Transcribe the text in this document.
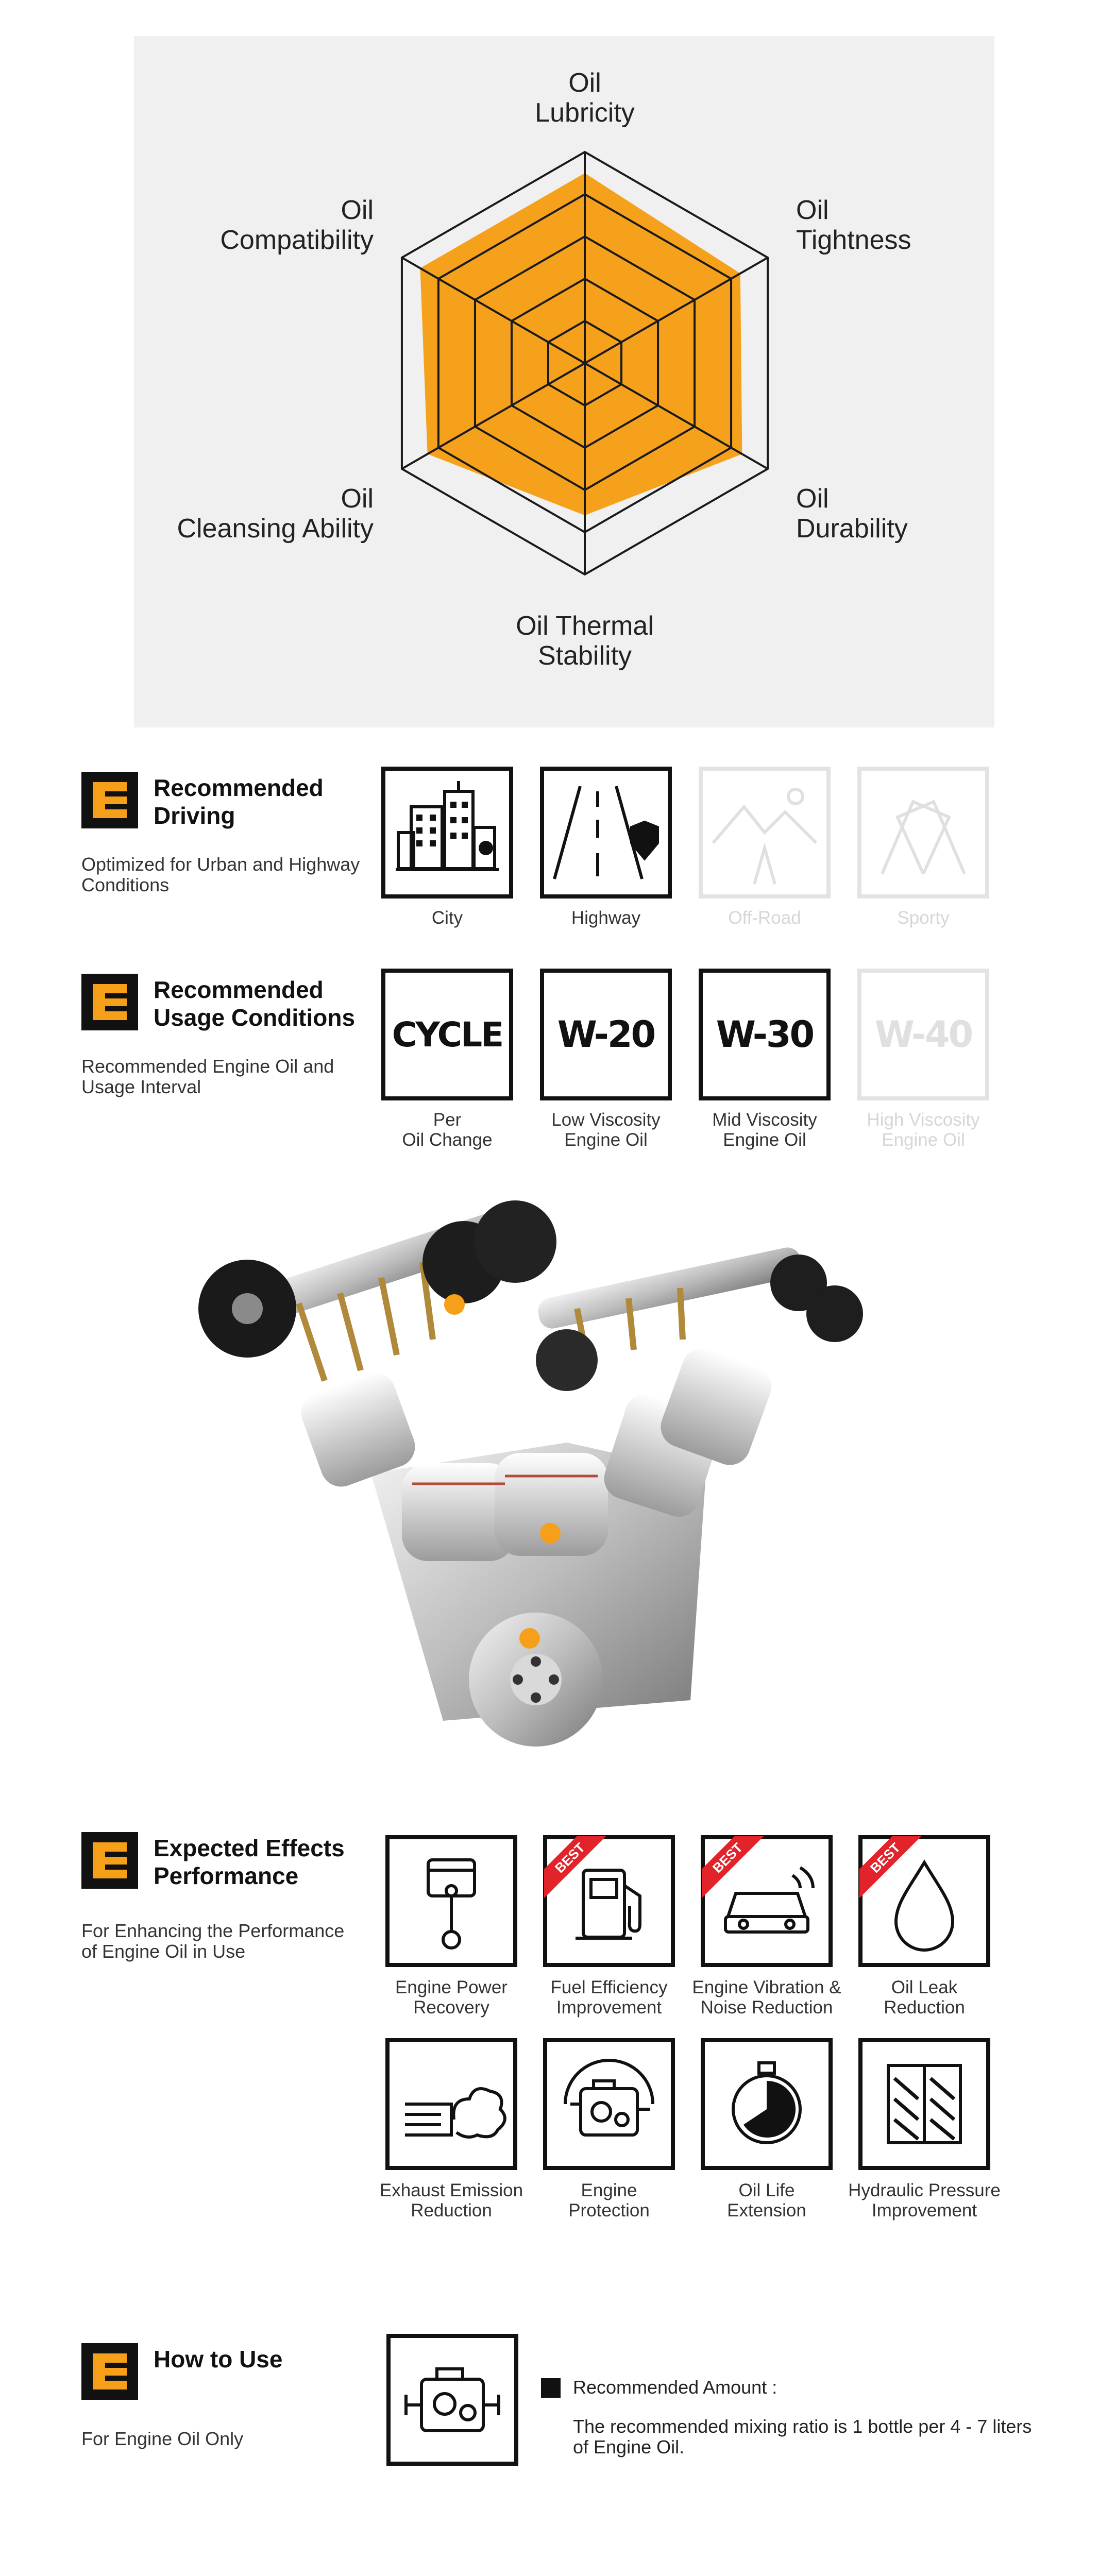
Oil Lubricity
Oil Tightness
Oil Durability
Oil Thermal Stability
Oil Cleansing Ability
Oil Compatibility
Recommended
Driving
Optimized for Urban and Highway
Conditions
City	Highway	Off-Road	Sporty
Recommended
Usage Conditions
Recommended Engine Oil and
Usage Interval
CYCLE
Per
Oil Change
W-20
Low Viscosity
Engine Oil
W-30
Mid Viscosity
Engine Oil
W-40
High Viscosity
Engine Oil
Expected Effects
Performance
For Enhancing the Performance
of Engine Oil in Use
Engine Power
Recovery
BEST
Fuel Efficiency
Improvement
BEST
Engine Vibration &
Noise Reduction
BEST
Oil Leak
Reduction
Exhaust Emission
Reduction
Engine
Protection
Oil Life
Extension
Hydraulic Pressure
Improvement
How to Use
For Engine Oil Only
Recommended Amount :
The recommended mixing ratio is 1 bottle per 4 - 7 liters
of Engine Oil.
